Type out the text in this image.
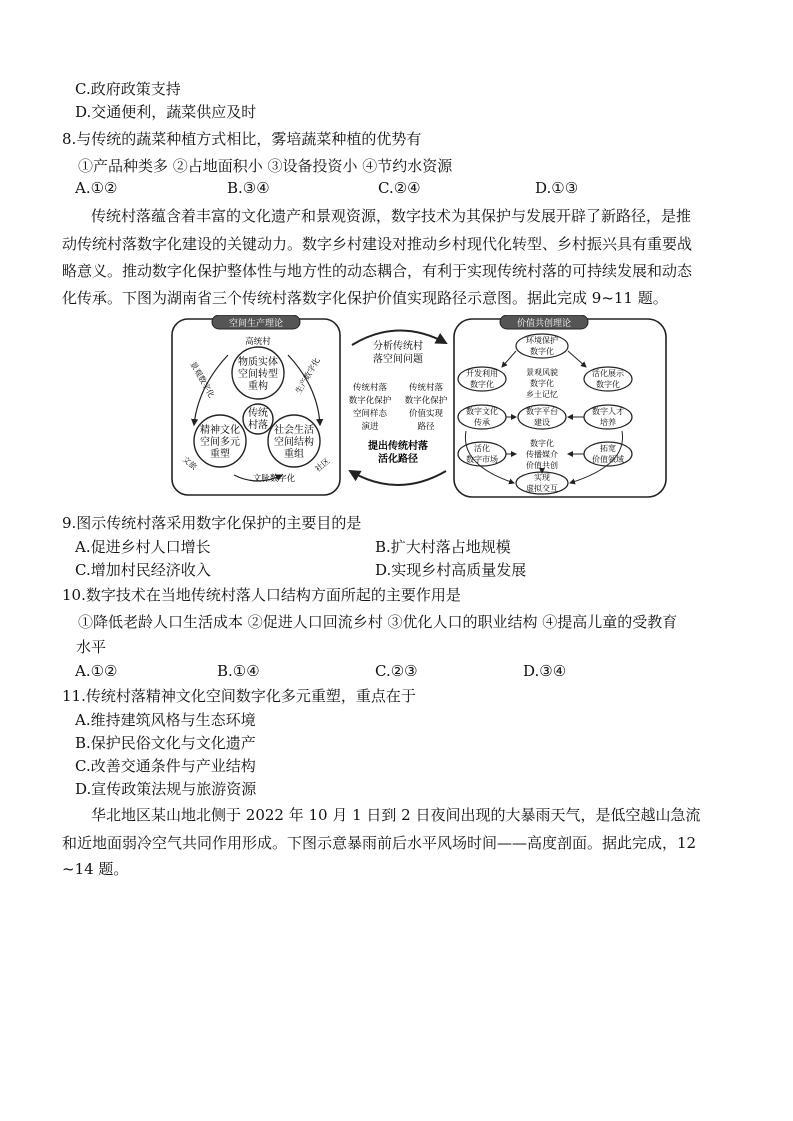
C.政府政策支持
D.交通便利，蔬菜供应及时
8.与传统的蔬菜种植方式相比，雾培蔬菜种植的优势有
①产品种类多 ②占地面积小 ③设备投资小 ④节约水资源
A.①②	B.③④	C.②④	D.①③
传统村落蕴含着丰富的文化遗产和景观资源，数字技术为其保护与发展开辟了新路径，是推
动传统村落数字化建设的关键动力。数字乡村建设对推动乡村现代化转型、乡村振兴具有重要战
略意义。推动数字化保护整体性与地方性的动态耦合，有利于实现传统村落的可持续发展和动态
化传承。下图为湖南省三个传统村落数字化保护价值实现路径示意图。据此完成 9~11 题。
空间生产理论
高统村
物质实体
空间转型
重构
精神文化
空间多元
重塑
社会生活
空间结构
重组
传统
村落
景观数字化	生产数字化
文脉数字化
文旅	社区
分析传统村
落空间问题
传统村落
数字化保护
空间样态
演进
传统村落
数字化保护
价值实现
路径
提出传统村落
活化路径
价值共创理论
环境保护
数字化
开发利用
数字化
活化展示
数字化
景观风貌
数字化
乡土记忆
数字文化
传承
数字平台
建设
数字人才
培养
活化
数字市场
数字化
传播媒介
价值共创
拓宽
价值领域
实现
虚拟交互
9.图示传统村落采用数字化保护的主要目的是
A.促进乡村人口增长	B.扩大村落占地规模
C.增加村民经济收入	D.实现乡村高质量发展
10.数字技术在当地传统村落人口结构方面所起的主要作用是
①降低老龄人口生活成本 ②促进人口回流乡村 ③优化人口的职业结构 ④提高儿童的受教育
水平
A.①②	B.①④	C.②③	D.③④
11.传统村落精神文化空间数字化多元重塑，重点在于
A.维持建筑风格与生态环境
B.保护民俗文化与文化遗产
C.改善交通条件与产业结构
D.宣传政策法规与旅游资源
华北地区某山地北侧于 2022 年 10 月 1 日到 2 日夜间出现的大暴雨天气，是低空越山急流
和近地面弱冷空气共同作用形成。下图示意暴雨前后水平风场时间——高度剖面。据此完成，12
~14 题。
